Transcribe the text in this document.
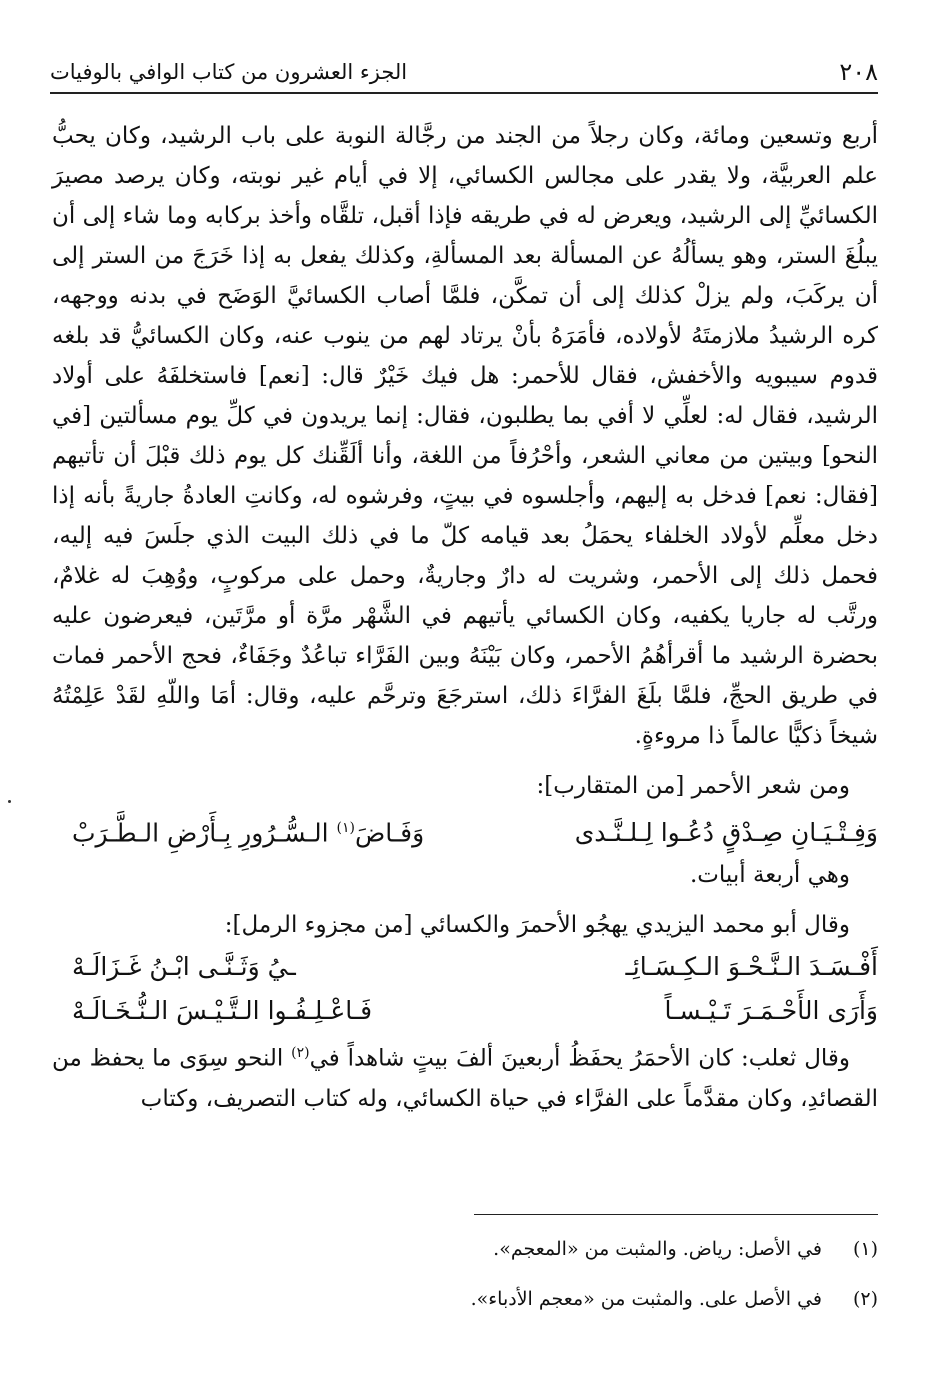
٢٠٨
الجزء العشرون من كتاب الوافي بالوفيات

أربع وتسعين ومائة، وكان رجلاً من الجند من رجَّالة النوبة على باب الرشيد، وكان يحبُّ علم العربيَّة، ولا يقدر على مجالس الكسائي، إلا في أيام غير نوبته، وكان يرصد مصيرَ الكسائيِّ إلى الرشيد، ويعرض له في طريقه فإذا أقبل، تلقَّاه وأخذ بركابه وما شاء إلى أن يبلُغَ الستر، وهو يسألُهُ عن المسألة بعد المسألةِ، وكذلك يفعل به إذا خَرَجَ من الستر إلى أن يركَبَ، ولم يزلْ كذلك إلى أن تمكَّن، فلمَّا أصاب الكسائيَّ الوَضَح في بدنه ووجهه، كره الرشيدُ ملازمتَهُ لأولاده، فأمَرَهُ بأنْ يرتاد لهم من ينوب عنه، وكان الكسائيُّ قد بلغه قدوم سيبويه والأخفش، فقال للأحمر: هل فيك خَيْرٌ قال: [نعم] فاستخلفَهُ على أولاد الرشيد، فقال له: لعلِّي لا أفي بما يطلبون، فقال: إنما يريدون في كلِّ يوم مسألتين [في النحو] وبيتين من معاني الشعر، وأحْرُفاً من اللغة، وأنا ألَقِّنك كل يوم ذلك قبْلَ أن تأتيهم [فقال: نعم] فدخل به إليهم، وأجلسوه في بيتٍ، وفرشوه له، وكانتِ العادةُ جاريةً بأنه إذا دخل معلِّم لأولاد الخلفاء يحمَلُ بعد قيامه كلّ ما في ذلك البيت الذي جلَسَ فيه إليه، فحمل ذلك إلى الأحمر، وشريت له دارٌ وجاريةٌ، وحمل على مركوبٍ، ووُهِبَ له غلامٌ، ورتَّب له جاريا يكفيه، وكان الكسائي يأتيهم في الشَّهْر مرَّة أو مرَّتَين، فيعرضون عليه بحضرة الرشيد ما أقرأهُمُ الأحمر، وكان بَيْنَهُ وبين الفَرَّاء تباعُدٌ وجَفَاءٌ، فحج الأحمر فمات في طريق الحجِّ، فلمَّا بلَغَ الفرَّاءَ ذلك، استرجَعَ وترحَّم عليه، وقال: أمَا واللّهِ لقَدْ عَلِمْتُهُ شيخاً ذكيًّا عالماً ذا مروءةٍ.

ومن شعر الأحمر [من المتقارب]:

وَفِـتْـيَـانِ صِـدْقٍ دُعُـوا لِـلـنَّـدى
وَفَـاضَ$^{(١)}$ الـسُّـرُورِ بِـأَرْضِ الـطَّـرَبْ

وهي أربعة أبيات.

وقال أبو محمد اليزيدي يهجُو الأحمرَ والكسائي [من مجزوء الرمل]:

أَفْـسَـدَ الـنَّـحْـوَ الـكِـسَـائِـ
ـيُ وَثَـنَّـى ابْـنُ غَـزَالَـهْ
وَأَرَى الأَحْـمَـرَ تَـيْـسـاً
فَـاعْـلِـفُـوا الـتَّـيْـسَ الـنُّـخَـالَـهْ

وقال ثعلب: كان الأحمَرُ يحفَظُ أربعينَ ألفَ بيتٍ شاهداً في$^{(٢)}$ النحو سِوَى ما يحفظ من القصائدِ، وكان مقدَّماً على الفرَّاء في حياة الكسائي، وله كتاب التصريف، وكتاب

(١)
في الأصل: رياض. والمثبت من «المعجم».
(٢)
في الأصل على. والمثبت من «معجم الأدباء».
